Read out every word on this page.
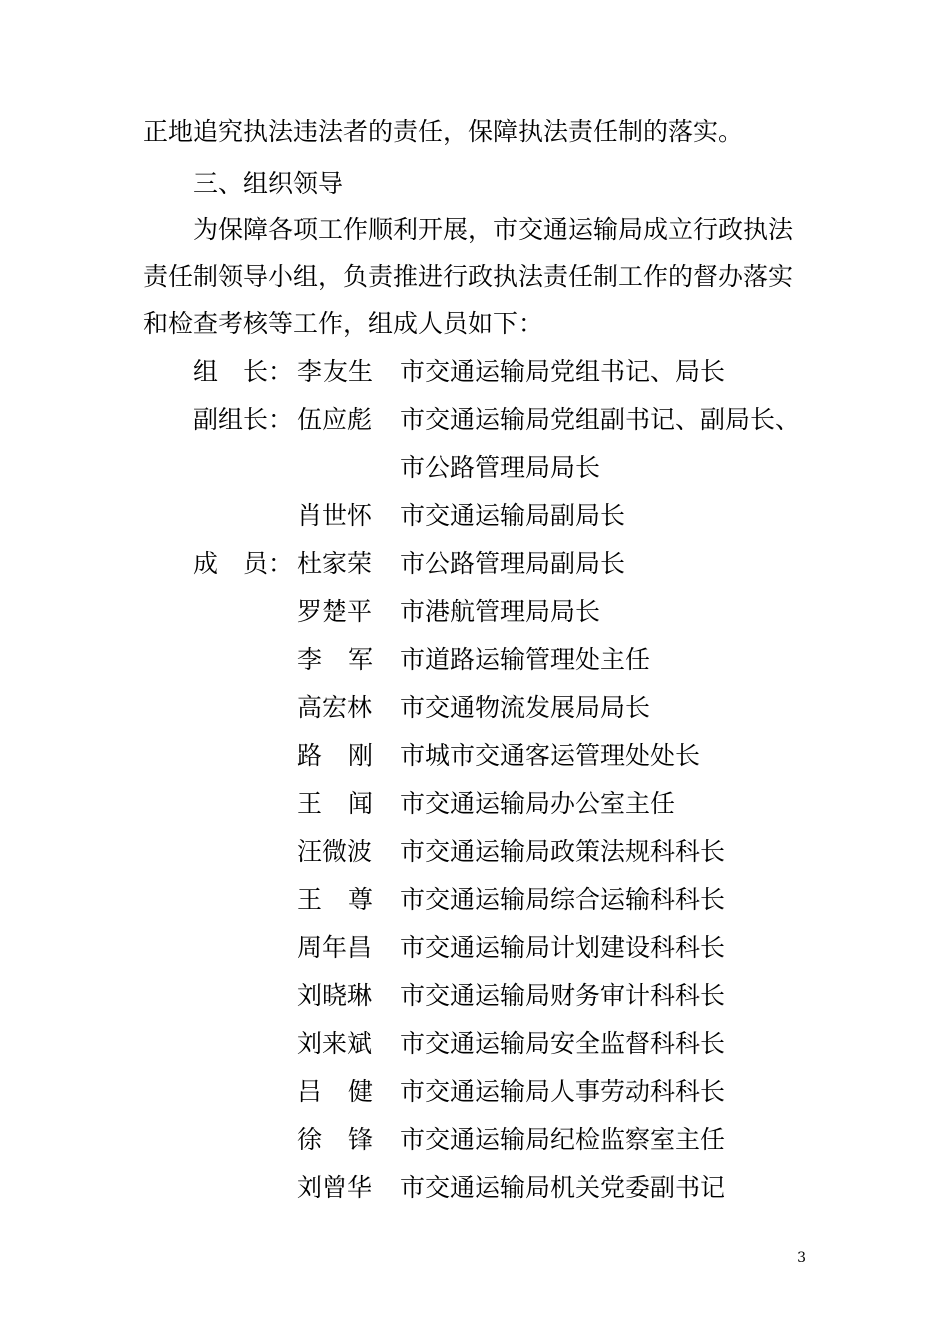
正地追究执法违法者的责任，保障执法责任制的落实。
三、组织领导
为保障各项工作顺利开展，市交通运输局成立行政执法
责任制领导小组，负责推进行政执法责任制工作的督办落实
和检查考核等工作，组成人员如下：
组 长 ： 李 友生 市交通运输局党组书记、局长
副组长 ： 伍应彪 市交通运输局党组副书记、副局长、
市公路管理局局长
肖世怀 市交通运输局副局长
成 员 ： 杜家荣 市公路管理局副局长
罗楚平 市港航管理局局长
李 军 市道路运输管理处主任
高宏林 市交通物流发展局局长
路 刚 市城市交通客运管理处处长
王 闻 市交通运输局办公室主任
汪微波 市交通运输局政策法规科科长
王 尊 市交通运输局综合运输科科长
周年昌 市交通运输局计划建设科科长
刘晓琳 市交通运输局财务审计科科长
刘来斌 市交通运输局安全监督科科长
吕 健 市交通运输局人事劳动科科长
徐 锋 市交通运输局纪检监察室主任
刘曾华 市交通运输局机关党委副书记
3
